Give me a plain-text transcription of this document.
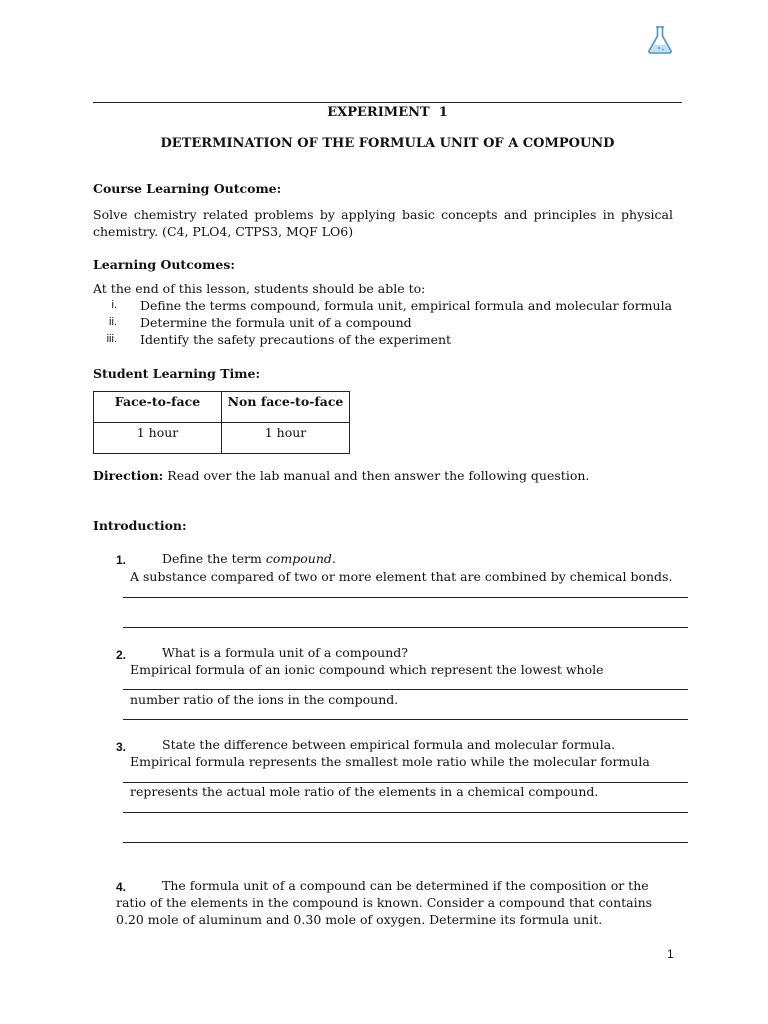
EXPERIMENT  1
DETERMINATION OF THE FORMULA UNIT OF A COMPOUND
Course Learning Outcome:
Solve chemistry related problems by applying basic concepts and principles in physical chemistry. (C4, PLO4, CTPS3, MQF LO6)
Learning Outcomes:
At the end of this lesson, students should be able to:
i. Define the terms compound, formula unit, empirical formula and molecular formula
ii. Determine the formula unit of a compound
iii. Identify the safety precautions of the experiment
Student Learning Time:
Face-to-face	Non face-to-face
1 hour	1 hour
Direction: Read over the lab manual and then answer the following question.
Introduction:
1.	Define the term compound.
A substance compared of two or more element that are combined by chemical bonds.
2.	What is a formula unit of a compound?
Empirical formula of an ionic compound which represent the lowest whole
number ratio of the ions in the compound.
3.	State the difference between empirical formula and molecular formula.
Empirical formula represents the smallest mole ratio while the molecular formula
represents the actual mole ratio of the elements in a chemical compound.
4.	The formula unit of a compound can be determined if the composition or the ratio of the elements in the compound is known. Consider a compound that contains 0.20 mole of aluminum and 0.30 mole of oxygen. Determine its formula unit.
1
